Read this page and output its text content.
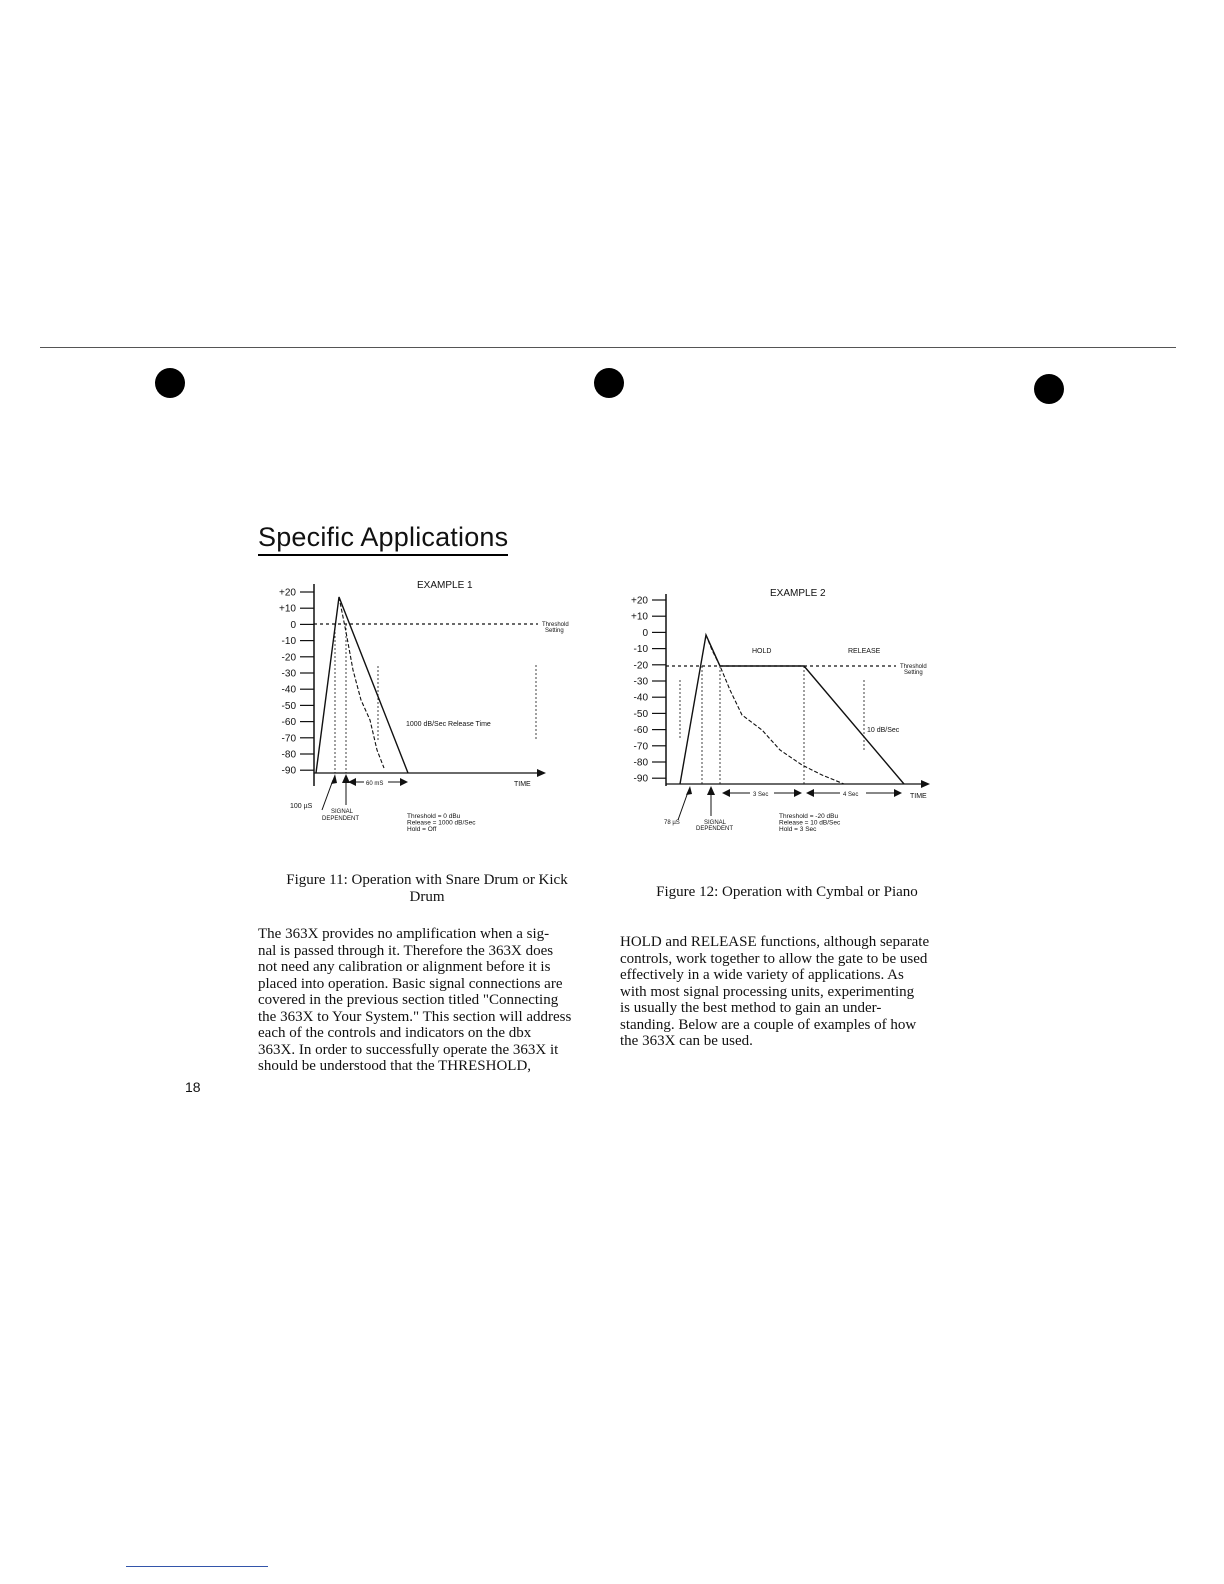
Specific Applications
+20
+10
0
-10
-20
-30
-40
-50
-60
-70
-80
-90
Threshold
Setting
EXAMPLE 1
1000 dB/Sec Release Time
TIME
60 mS
100 µS
SIGNAL
DEPENDENT	Threshold = 0 dBu
Release = 1000 dB/Sec
Hold = Off
Figure 11: Operation with Snare Drum or Kick
Drum
+20
+10
0
-10
-20
-30
-40
-50
-60
-70
-80
-90
Threshold
Setting
EXAMPLE 2
HOLD	RELEASE
10 dB/Sec
TIME
3 Sec	4 Sec
78 µS	SIGNAL
DEPENDENT
Threshold = -20 dBu
Release = 10 dB/Sec
Hold = 3 Sec
Figure 12: Operation with Cymbal or Piano
The 363X provides no amplification when a sig-
nal is passed through it. Therefore the 363X does
not need any calibration or alignment before it is
placed into operation. Basic signal connections are
covered in the previous section titled "Connecting
the 363X to Your System." This section will address
each of the controls and indicators on the dbx
363X. In order to successfully operate the 363X it
should be understood that the THRESHOLD,
HOLD and RELEASE functions, although separate
controls, work together to allow the gate to be used
effectively in a wide variety of applications. As
with most signal processing units, experimenting
is usually the best method to gain an under-
standing. Below are a couple of examples of how
the 363X can be used.
18
